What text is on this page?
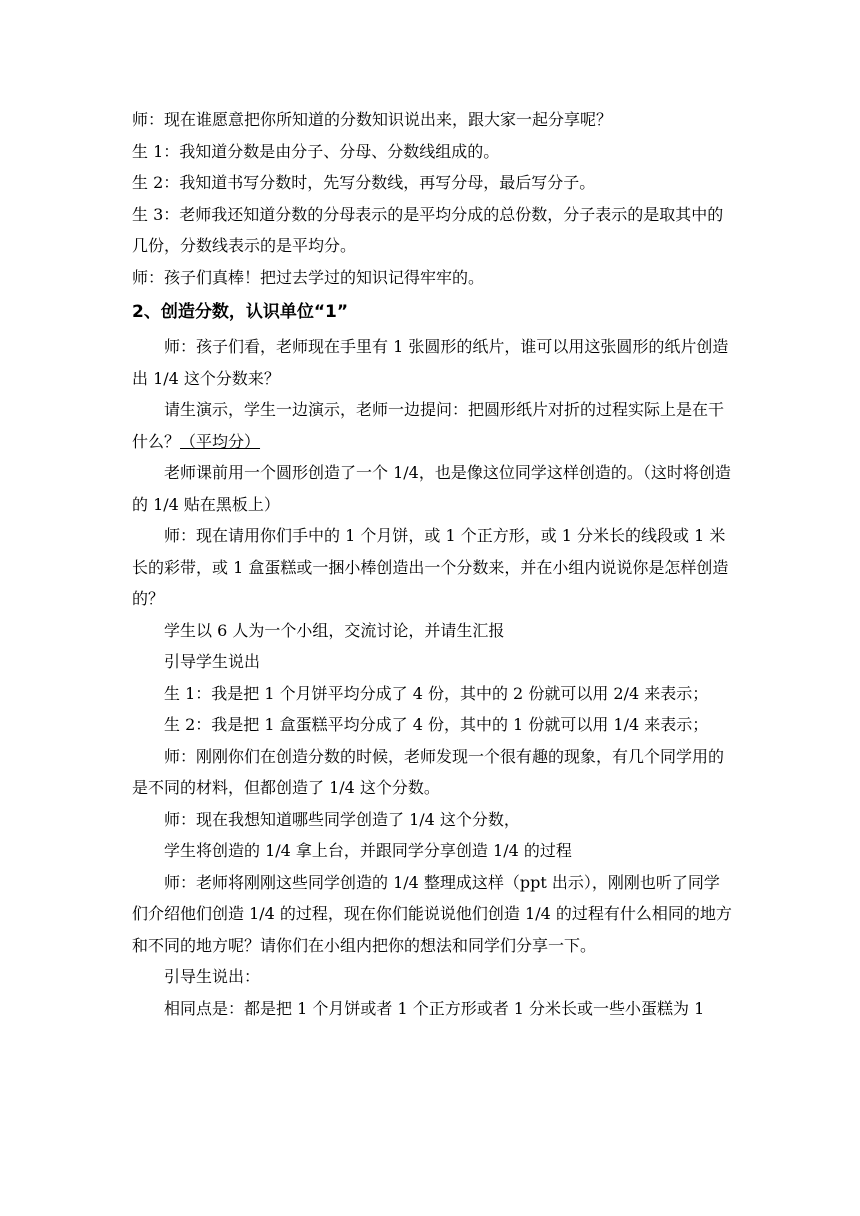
师：现在谁愿意把你所知道的分数知识说出来，跟大家一起分享呢？

生 1：我知道分数是由分子、分母、分数线组成的。

生 2：我知道书写分数时，先写分数线，再写分母，最后写分子。

生 3：老师我还知道分数的分母表示的是平均分成的总份数，分子表示的是取其中的几份，分数线表示的是平均分。

师：孩子们真棒！把过去学过的知识记得牢牢的。

2、创造分数，认识单位“1”

师：孩子们看，老师现在手里有 1 张圆形的纸片，谁可以用这张圆形的纸片创造出 1/4 这个分数来？

请生演示，学生一边演示，老师一边提问：把圆形纸片对折的过程实际上是在干什么？（平均分）

老师课前用一个圆形创造了一个 1/4，也是像这位同学这样创造的。（这时将创造的 1/4 贴在黑板上）

师：现在请用你们手中的 1 个月饼，或 1 个正方形，或 1 分米长的线段或 1 米长的彩带，或 1 盒蛋糕或一捆小棒创造出一个分数来，并在小组内说说你是怎样创造的？

学生以 6 人为一个小组，交流讨论，并请生汇报

引导学生说出

生 1：我是把 1 个月饼平均分成了 4 份，其中的 2 份就可以用 2/4 来表示；

生 2：我是把 1 盒蛋糕平均分成了 4 份，其中的 1 份就可以用 1/4 来表示；

师：刚刚你们在创造分数的时候，老师发现一个很有趣的现象，有几个同学用的是不同的材料，但都创造了 1/4 这个分数。

师：现在我想知道哪些同学创造了 1/4 这个分数，

学生将创造的 1/4 拿上台，并跟同学分享创造 1/4 的过程

师：老师将刚刚这些同学创造的 1/4 整理成这样（ppt 出示），刚刚也听了同学们介绍他们创造 1/4 的过程，现在你们能说说他们创造 1/4 的过程有什么相同的地方和不同的地方呢？请你们在小组内把你的想法和同学们分享一下。

引导生说出：

相同点是：都是把 1 个月饼或者 1 个正方形或者 1 分米长或一些小蛋糕为 1
